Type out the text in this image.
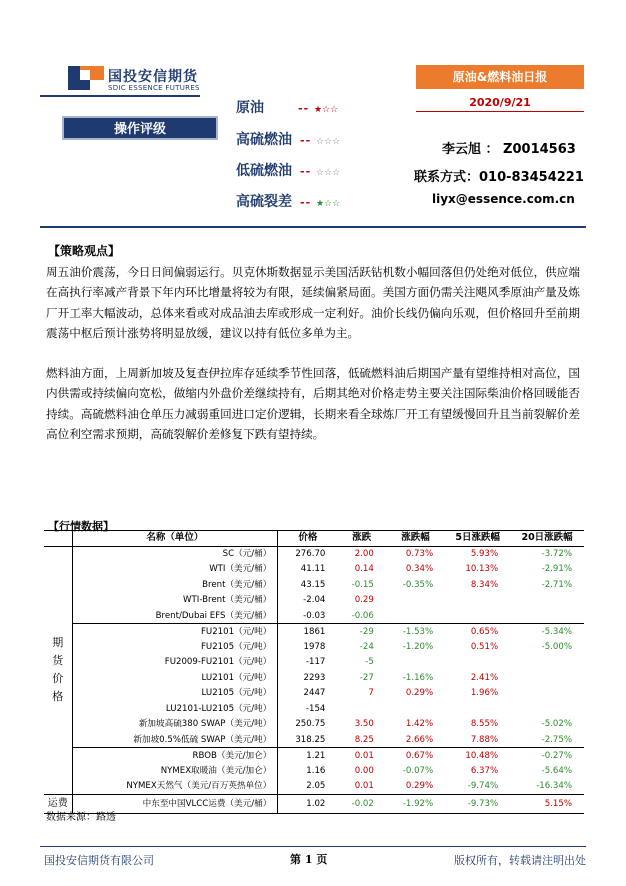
国投安信期货
SDIC ESSENCE FUTURES
原油&燃料油日报
2020/9/21
操作评级
原油	-- ★☆☆
高硫燃油 -- ☆☆☆
低硫燃油 -- ☆☆☆
高硫裂差 -- ★☆☆
李云旭 ： Z0014563
联系方式：010-83454221
liyx@essence.com.cn
【策略观点】
周五油价震荡，今日日间偏弱运行。贝克休斯数据显示美国活跃钻机数小幅回落但仍处绝对低位，供应端在高执行率减产背景下年内环比增量将较为有限，延续偏紧局面。美国方面仍需关注飓风季原油产量及炼厂开工率大幅波动，总体来看或对成品油去库或形成一定利好。油价长线仍偏向乐观，但价格回升至前期震荡中枢后预计涨势将明显放缓，建议以持有低位多单为主。
燃料油方面，上周新加坡及复查伊拉库存延续季节性回落，低硫燃料油后期国产量有望维持相对高位，国内供需或持续偏向宽松，做缩内外盘价差继续持有，后期其绝对价格走势主要关注国际柴油价格回暖能否持续。高硫燃料油仓单压力减弱重回进口定价逻辑，长期来看全球炼厂开工有望缓慢回升且当前裂解价差高位利空需求预期，高硫裂解价差修复下跌有望持续。
【行情数据】
	名称（单位）	价格	涨跌	涨跌幅	5日涨跌幅	20日涨跌幅
期
货
价
格	SC（元/桶）	276.70	2.00	0.73%	5.93%	-3.72%
	WTI（美元/桶）	41.11	0.14	0.34%	10.13%	-2.91%
	Brent（美元/桶）	43.15	-0.15	-0.35%	8.34%	-2.71%
	WTI-Brent（美元/桶）	-2.04	0.29			
	Brent/Dubai EFS（美元/桶）	-0.03	-0.06			
	FU2101（元/吨）	1861	-29	-1.53%	0.65%	-5.34%
	FU2105（元/吨）	1978	-24	-1.20%	0.51%	-5.00%
	FU2009-FU2101（元/吨）	-117	-5			
	LU2101（元/吨）	2293	-27	-1.16%	2.41%	
	LU2105（元/吨）	2447	7	0.29%	1.96%	
	LU2101-LU2105（元/吨）	-154				
	新加坡高硫380 SWAP（美元/吨）	250.75	3.50	1.42%	8.55%	-5.02%
	新加坡0.5%低硫 SWAP（美元/吨）	318.25	8.25	2.66%	7.88%	-2.75%
	RBOB（美元/加仑）	1.21	0.01	0.67%	10.48%	-0.27%
	NYMEX取暖油（美元/加仑）	1.16	0.00	-0.07%	6.37%	-5.64%
	NYMEX天然气（美元/百万英热单位）	2.05	0.01	0.29%	-9.74%	-16.34%
运费	中东至中国VLCC运费（美元/桶）	1.02	-0.02	-1.92%	-9.73%	5.15%
数据来源：路透
国投安信期货有限公司	第 1 页	版权所有，转载请注明出处
